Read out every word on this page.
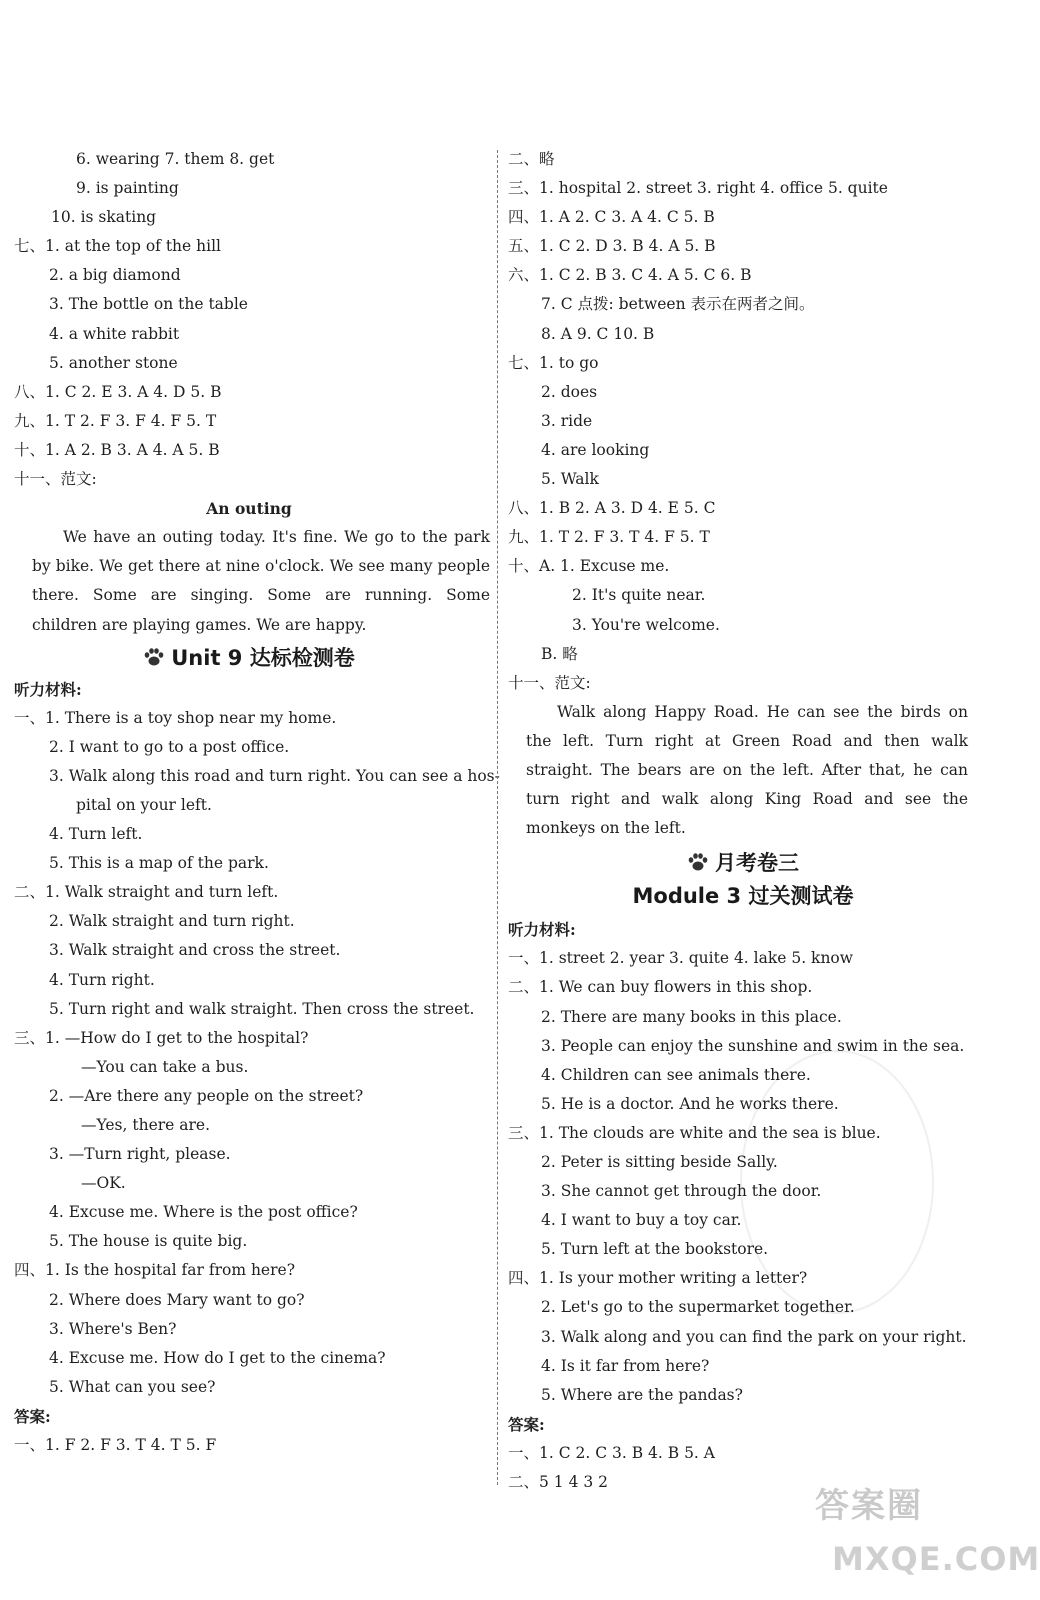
6. wearing 7. them 8. get
9. is painting
10. is skating
七、1. at the top of the hill
2. a big diamond
3. The bottle on the table
4. a white rabbit
5. another stone
八、1. C 2. E 3. A 4. D 5. B
九、1. T 2. F 3. F 4. F 5. T
十、1. A 2. B 3. A 4. A 5. B
十一、范文:
An outing
We have an outing today. It's fine. We go to the park by bike. We get there at nine o'clock. We see many people there. Some are singing. Some are running. Some children are playing games. We are happy.
Unit 9 达标检测卷
听力材料:
一、1. There is a toy shop near my home.
2. I want to go to a post office.
3. Walk along this road and turn right. You can see a hos-
pital on your left.
4. Turn left.
5. This is a map of the park.
二、1. Walk straight and turn left.
2. Walk straight and turn right.
3. Walk straight and cross the street.
4. Turn right.
5. Turn right and walk straight. Then cross the street.
三、1. —How do I get to the hospital?
—You can take a bus.
2. —Are there any people on the street?
—Yes, there are.
3. —Turn right, please.
—OK.
4. Excuse me. Where is the post office?
5. The house is quite big.
四、1. Is the hospital far from here?
2. Where does Mary want to go?
3. Where's Ben?
4. Excuse me. How do I get to the cinema?
5. What can you see?
答案:
一、1. F 2. F 3. T 4. T 5. F
二、略
三、1. hospital 2. street 3. right 4. office 5. quite
四、1. A 2. C 3. A 4. C 5. B
五、1. C 2. D 3. B 4. A 5. B
六、1. C 2. B 3. C 4. A 5. C 6. B
7. C 点拨: between 表示在两者之间。
8. A 9. C 10. B
七、1. to go
2. does
3. ride
4. are looking
5. Walk
八、1. B 2. A 3. D 4. E 5. C
九、1. T 2. F 3. T 4. F 5. T
十、A. 1. Excuse me.
2. It's quite near.
3. You're welcome.
B. 略
十一、范文:
Walk along Happy Road. He can see the birds on the left. Turn right at Green Road and then walk straight. The bears are on the left. After that, he can turn right and walk along King Road and see the monkeys on the left.
月考卷三
Module 3 过关测试卷
听力材料:
一、1. street 2. year 3. quite 4. lake 5. know
二、1. We can buy flowers in this shop.
2. There are many books in this place.
3. People can enjoy the sunshine and swim in the sea.
4. Children can see animals there.
5. He is a doctor. And he works there.
三、1. The clouds are white and the sea is blue.
2. Peter is sitting beside Sally.
3. She cannot get through the door.
4. I want to buy a toy car.
5. Turn left at the bookstore.
四、1. Is your mother writing a letter?
2. Let's go to the supermarket together.
3. Walk along and you can find the park on your right.
4. Is it far from here?
5. Where are the pandas?
答案:
一、1. C 2. C 3. B 4. B 5. A
二、5 1 4 3 2
答案圈
MXQE.COM
